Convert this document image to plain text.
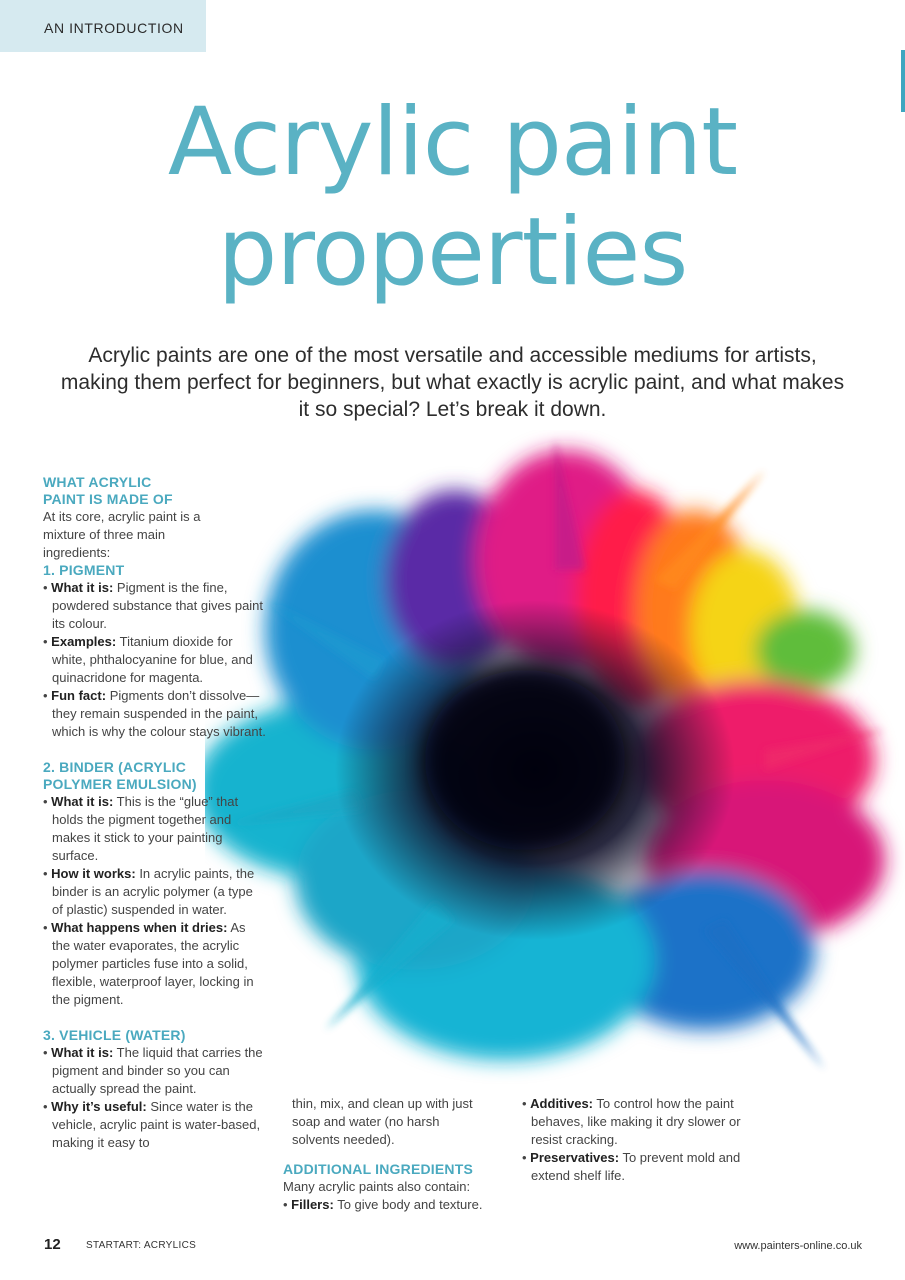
AN INTRODUCTION
Acrylic paint
properties
Acrylic paints are one of the most versatile and accessible mediums for artists, making them perfect for beginners, but what exactly is acrylic paint, and what makes it so special? Let’s break it down.

WHAT ACRYLIC
PAINT IS MADE OF

At its core, acrylic paint is a mixture of three main ingredients:

1. PIGMENT

• What it is: Pigment is the fine, powdered substance that gives paint its colour.

• Examples: Titanium dioxide for white, phthalocyanine for blue, and quinacridone for magenta.

• Fun fact: Pigments don’t dissolve—they remain suspended in the paint, which is why the colour stays vibrant.

2. BINDER (ACRYLIC
POLYMER EMULSION)

• What it is: This is the “glue” that holds the pigment together and makes it stick to your painting surface.

• How it works: In acrylic paints, the binder is an acrylic polymer (a type of plastic) suspended in water.

• What happens when it dries: As the water evaporates, the acrylic polymer particles fuse into a solid, flexible, waterproof layer, locking in the pigment.

3. VEHICLE (WATER)

• What it is: The liquid that carries the pigment and binder so you can actually spread the paint.

• Why it’s useful: Since water is the vehicle, acrylic paint is water-based, making it easy to

thin, mix, and clean up with just soap and water (no harsh solvents needed).

ADDITIONAL INGREDIENTS

Many acrylic paints also contain:

• Fillers: To give body and texture.

• Additives: To control how the paint behaves, like making it dry slower or resist cracking.

• Preservatives: To prevent mold and extend shelf life.

12	STARTART: ACRYLICS	www.painters-online.co.uk
